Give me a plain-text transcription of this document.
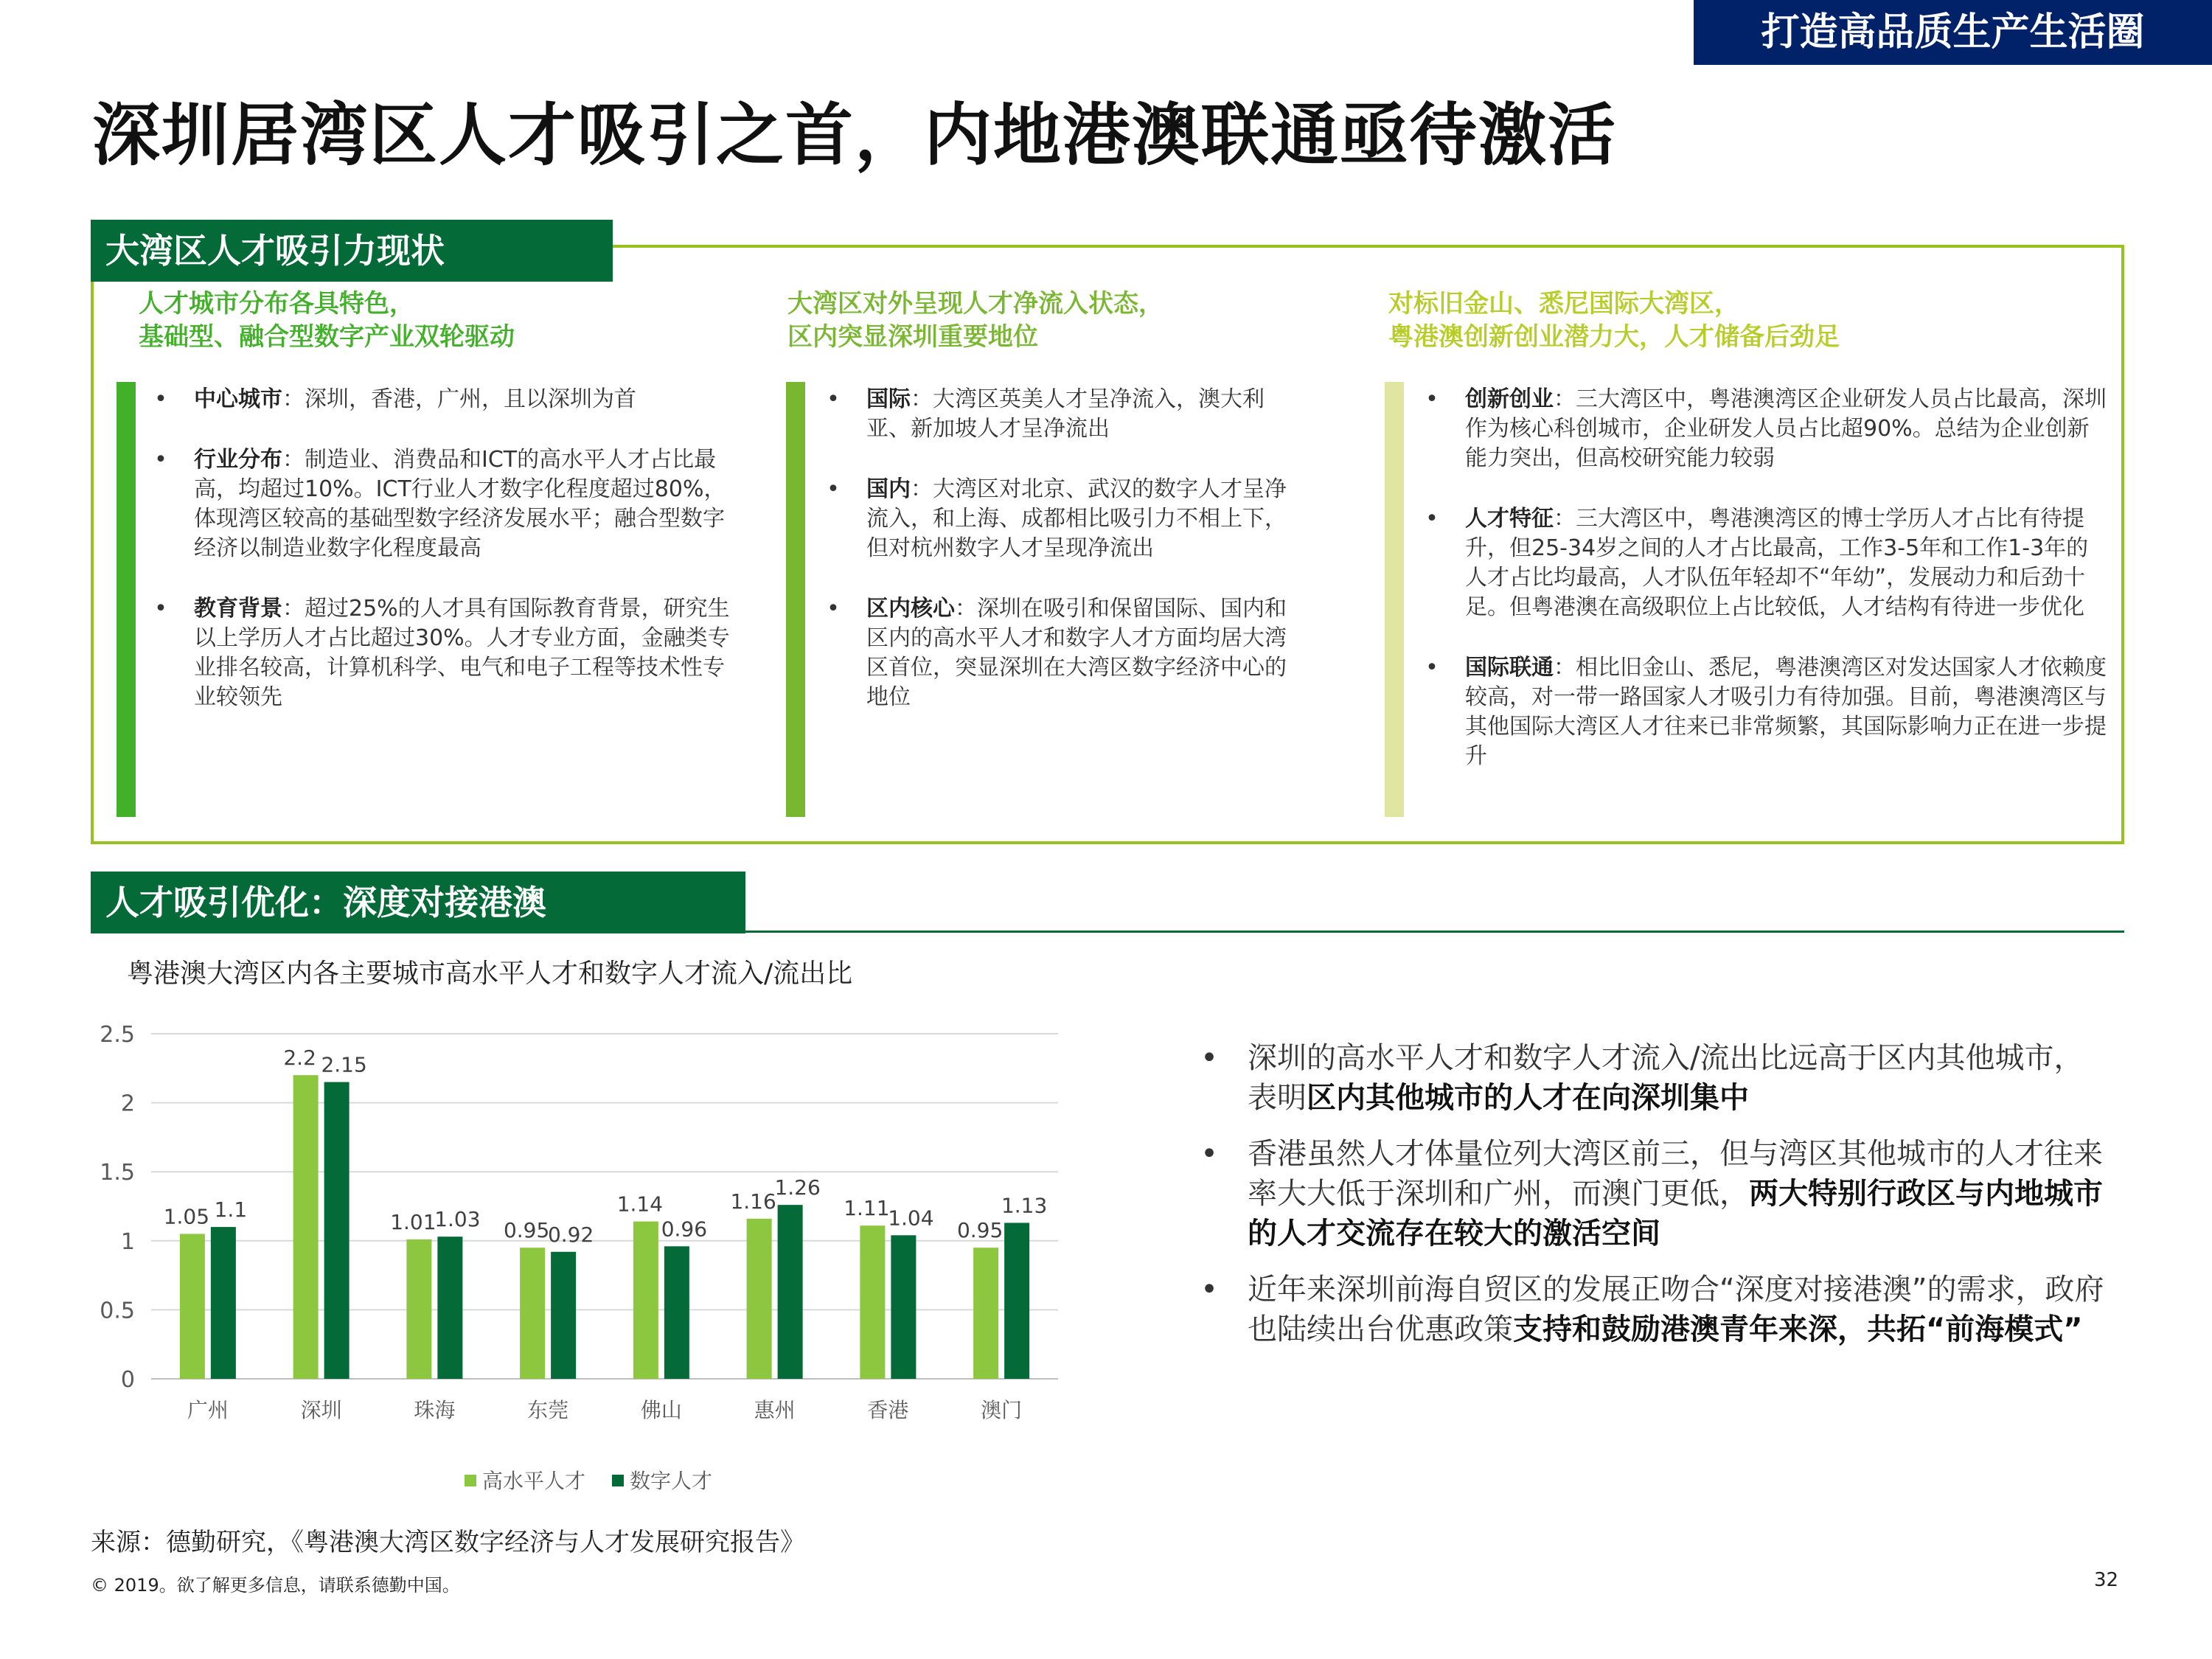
打造高品质生产生活圈
深圳居湾区人才吸引之首，内地港澳联通亟待激活
大湾区人才吸引力现状
人才城市分布各具特色，
基础型、融合型数字产业双轮驱动
•	中心城市：深圳，香港，广州，且以深圳为首
•	行业分布：制造业、消费品和ICT的高水平人才占比最高，均超过10%。ICT行业人才数字化程度超过80%，体现湾区较高的基础型数字经济发展水平；融合型数字经济以制造业数字化程度最高
•	教育背景：超过25%的人才具有国际教育背景，研究生以上学历人才占比超过30%。人才专业方面，金融类专业排名较高，计算机科学、电气和电子工程等技术性专业较领先
大湾区对外呈现人才净流入状态，
区内突显深圳重要地位
•	国际：大湾区英美人才呈净流入，澳大利亚、新加坡人才呈净流出
•	国内：大湾区对北京、武汉的数字人才呈净流入，和上海、成都相比吸引力不相上下，但对杭州数字人才呈现净流出
•	区内核心：深圳在吸引和保留国际、国内和区内的高水平人才和数字人才方面均居大湾区首位，突显深圳在大湾区数字经济中心的地位
对标旧金山、悉尼国际大湾区，
粤港澳创新创业潜力大，人才储备后劲足
•	创新创业：三大湾区中，粤港澳湾区企业研发人员占比最高，深圳作为核心科创城市，企业研发人员占比超90%。总结为企业创新能力突出，但高校研究能力较弱
•	人才特征：三大湾区中，粤港澳湾区的博士学历人才占比有待提升，但25-34岁之间的人才占比最高，工作3-5年和工作1-3年的人才占比均最高，人才队伍年轻却不“年幼”，发展动力和后劲十足。但粤港澳在高级职位上占比较低，人才结构有待进一步优化
•	国际联通：相比旧金山、悉尼，粤港澳湾区对发达国家人才依赖度较高，对一带一路国家人才吸引力有待加强。目前，粤港澳湾区与其他国际大湾区人才往来已非常频繁，其国际影响力正在进一步提升
人才吸引优化：深度对接港澳
粤港澳大湾区内各主要城市高水平人才和数字人才流入/流出比
0
0.5
1
1.5
2
2.5
1.05 1.1
广州
2.2 2.15
深圳
1.01
1.03
珠海
0.95
0.92
东莞
1.14
0.96
佛山
1.16
1.26
惠州
1.11
1.04
香港
0.95
1.13
澳门
高水平人才 数字人才
• 深圳的高水平人才和数字人才流入/流出比远高于区内其他城市，表明区内其他城市的人才在向深圳集中
• 香港虽然人才体量位列大湾区前三，但与湾区其他城市的人才往来率大大低于深圳和广州，而澳门更低，两大特别行政区与内地城市的人才交流存在较大的激活空间
• 近年来深圳前海自贸区的发展正吻合“深度对接港澳”的需求，政府也陆续出台优惠政策支持和鼓励港澳青年来深，共拓“前海模式”
来源：德勤研究，《粤港澳大湾区数字经济与人才发展研究报告》
© 2019。欲了解更多信息，请联系德勤中国。	32
